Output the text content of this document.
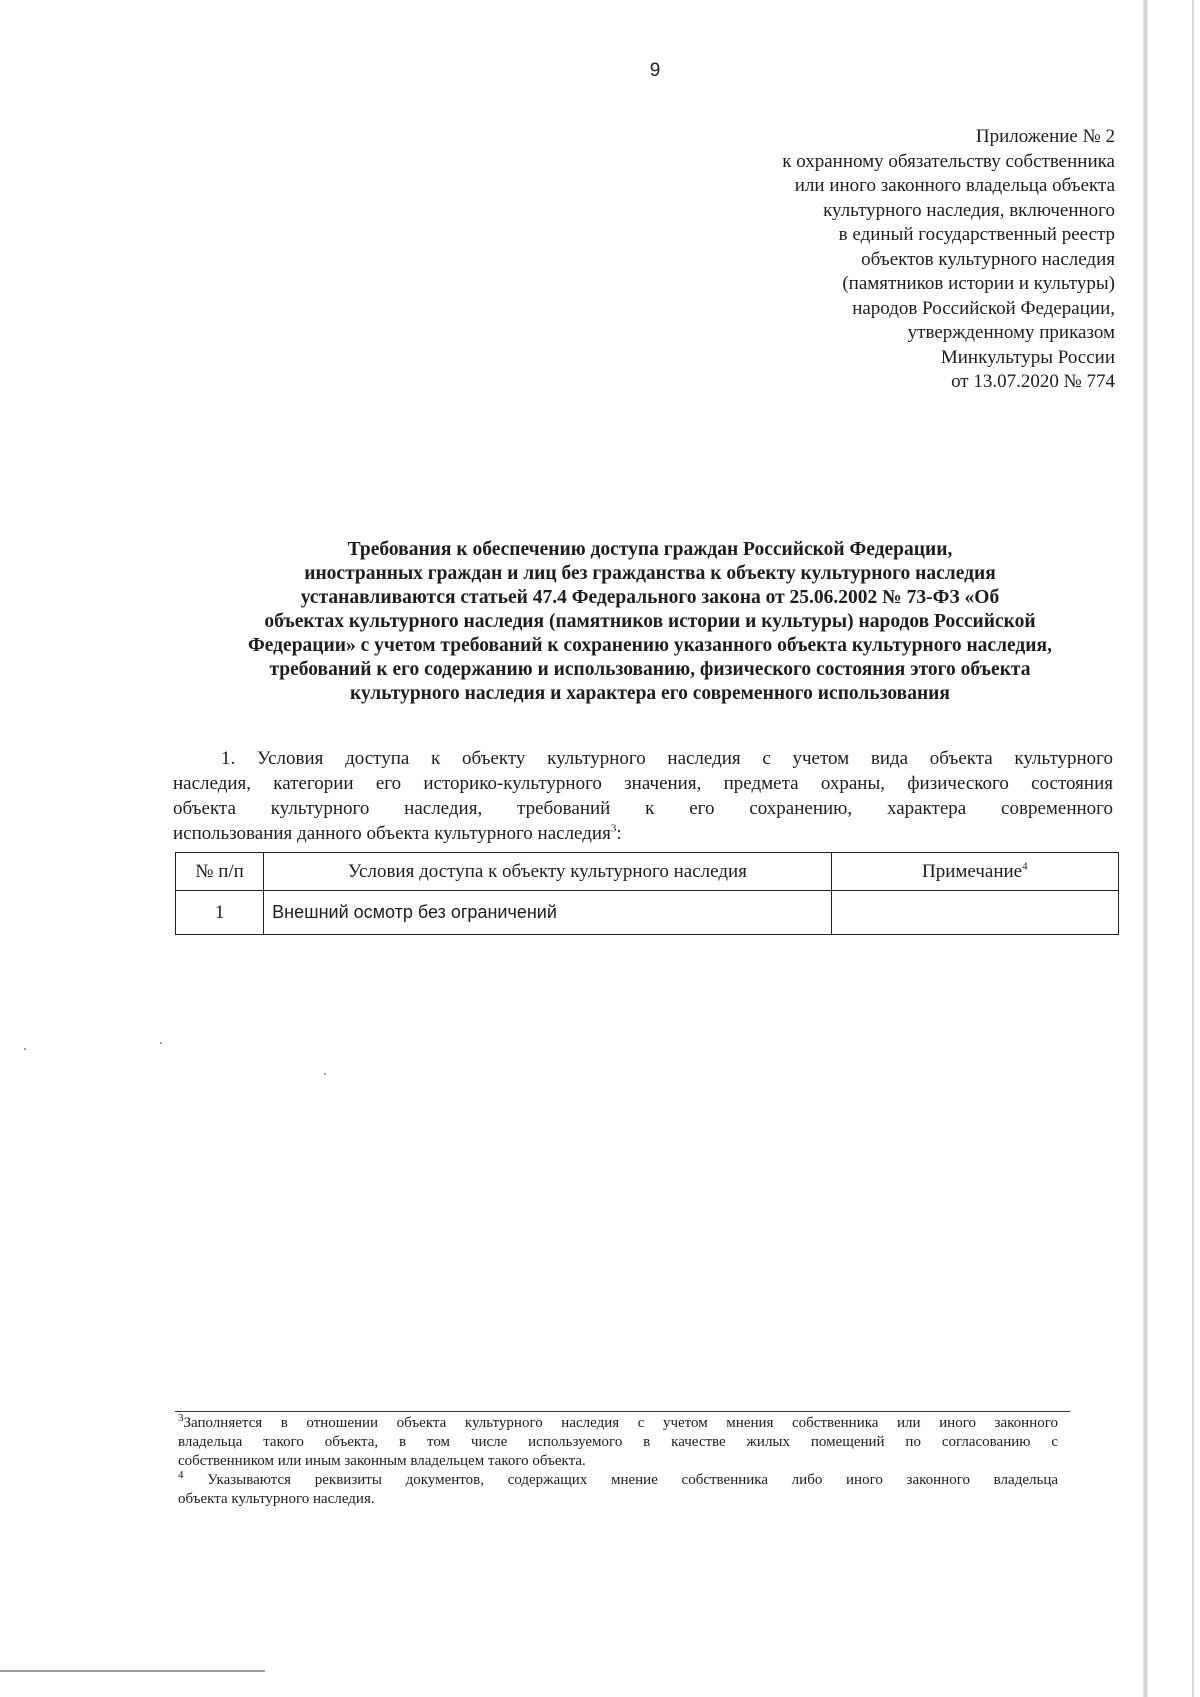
9
Приложение № 2
к охранному обязательству собственника
или иного законного владельца объекта
культурного наследия, включенного
в единый государственный реестр
объектов культурного наследия
(памятников истории и культуры)
народов Российской Федерации,
утвержденному приказом
Минкультуры России
от 13.07.2020 № 774
Требования к обеспечению доступа граждан Российской Федерации,
иностранных граждан и лиц без гражданства к объекту культурного наследия
устанавливаются статьей 47.4 Федерального закона от 25.06.2002 № 73-ФЗ «Об
объектах культурного наследия (памятников истории и культуры) народов Российской
Федерации» с учетом требований к сохранению указанного объекта культурного наследия,
требований к его содержанию и использованию, физического состояния этого объекта
культурного наследия и характера его современного использования
1. Условия доступа к объекту культурного наследия с учетом вида объекта культурного
наследия, категории его историко-культурного значения, предмета охраны, физического состояния
объекта культурного наследия, требований к его сохранению, характера современного
использования данного объекта культурного наследия$^3$:
№ п/п	Условия доступа к объекту культурного наследия	Примечание$^4$
1	Внешний осмотр без ограничений	
$^3$Заполняется в отношении объекта культурного наследия с учетом мнения собственника или иного законного
владельца такого объекта, в том числе используемого в качестве жилых помещений по согласованию с
собственником или иным законным владельцем такого объекта.
$^4$ Указываются реквизиты документов, содержащих мнение собственника либо иного законного владельца
объекта культурного наследия.
